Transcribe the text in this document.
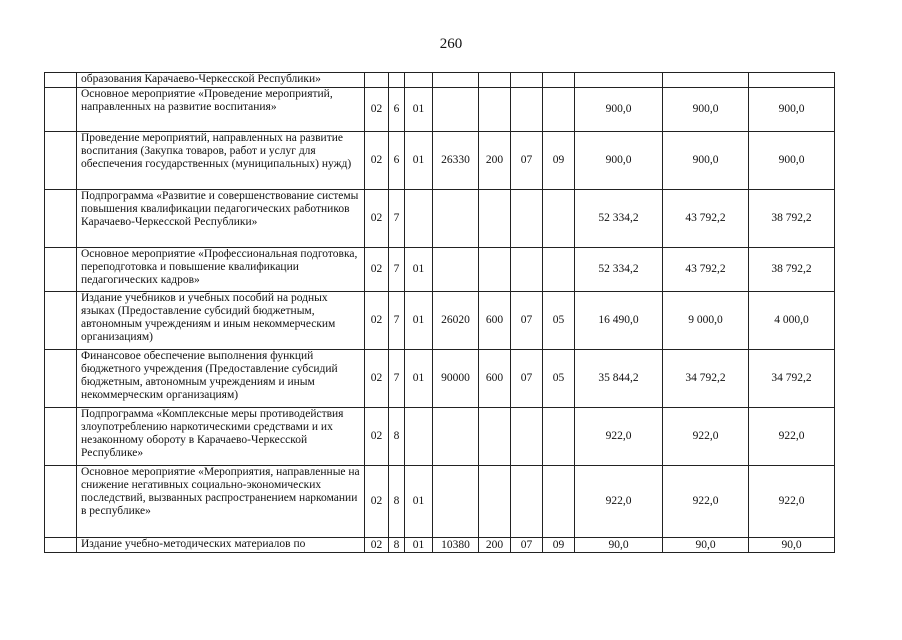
260
	образования Карачаево-Черкесской Республики»										
	Основное мероприятие «Проведение мероприятий, направленных на развитие воспитания»	02	6	01					900,0	900,0	900,0
	Проведение мероприятий, направленных на развитие воспитания (Закупка товаров, работ и услуг для обеспечения государственных (муниципальных) нужд)	02	6	01	26330	200	07	09	900,0	900,0	900,0
	Подпрограмма «Развитие и совершенствование системы повышения квалификации педагогических работников Карачаево-Черкесской Республики»	02	7						52 334,2	43 792,2	38 792,2
	Основное мероприятие «Профессиональная подготовка, переподготовка и повышение квалификации педагогических кадров»	02	7	01					52 334,2	43 792,2	38 792,2
	Издание учебников и учебных пособий на родных языках (Предоставление субсидий бюджетным, автономным учреждениям и иным некоммерческим организациям)	02	7	01	26020	600	07	05	16 490,0	9 000,0	4 000,0
	Финансовое обеспечение выполнения функций бюджетного учреждения (Предоставление субсидий бюджетным, автономным учреждениям и иным некоммерческим организациям)	02	7	01	90000	600	07	05	35 844,2	34 792,2	34 792,2
	Подпрограмма «Комплексные меры противодействия злоупотреблению наркотическими средствами и их незаконному обороту в Карачаево-Черкесской Республике»	02	8						922,0	922,0	922,0
	Основное мероприятие «Мероприятия, направленные на снижение негативных социально-экономических последствий, вызванных распространением наркомании в республике»	02	8	01					922,0	922,0	922,0
	Издание учебно-методических материалов по	02	8	01	10380	200	07	09	90,0	90,0	90,0
